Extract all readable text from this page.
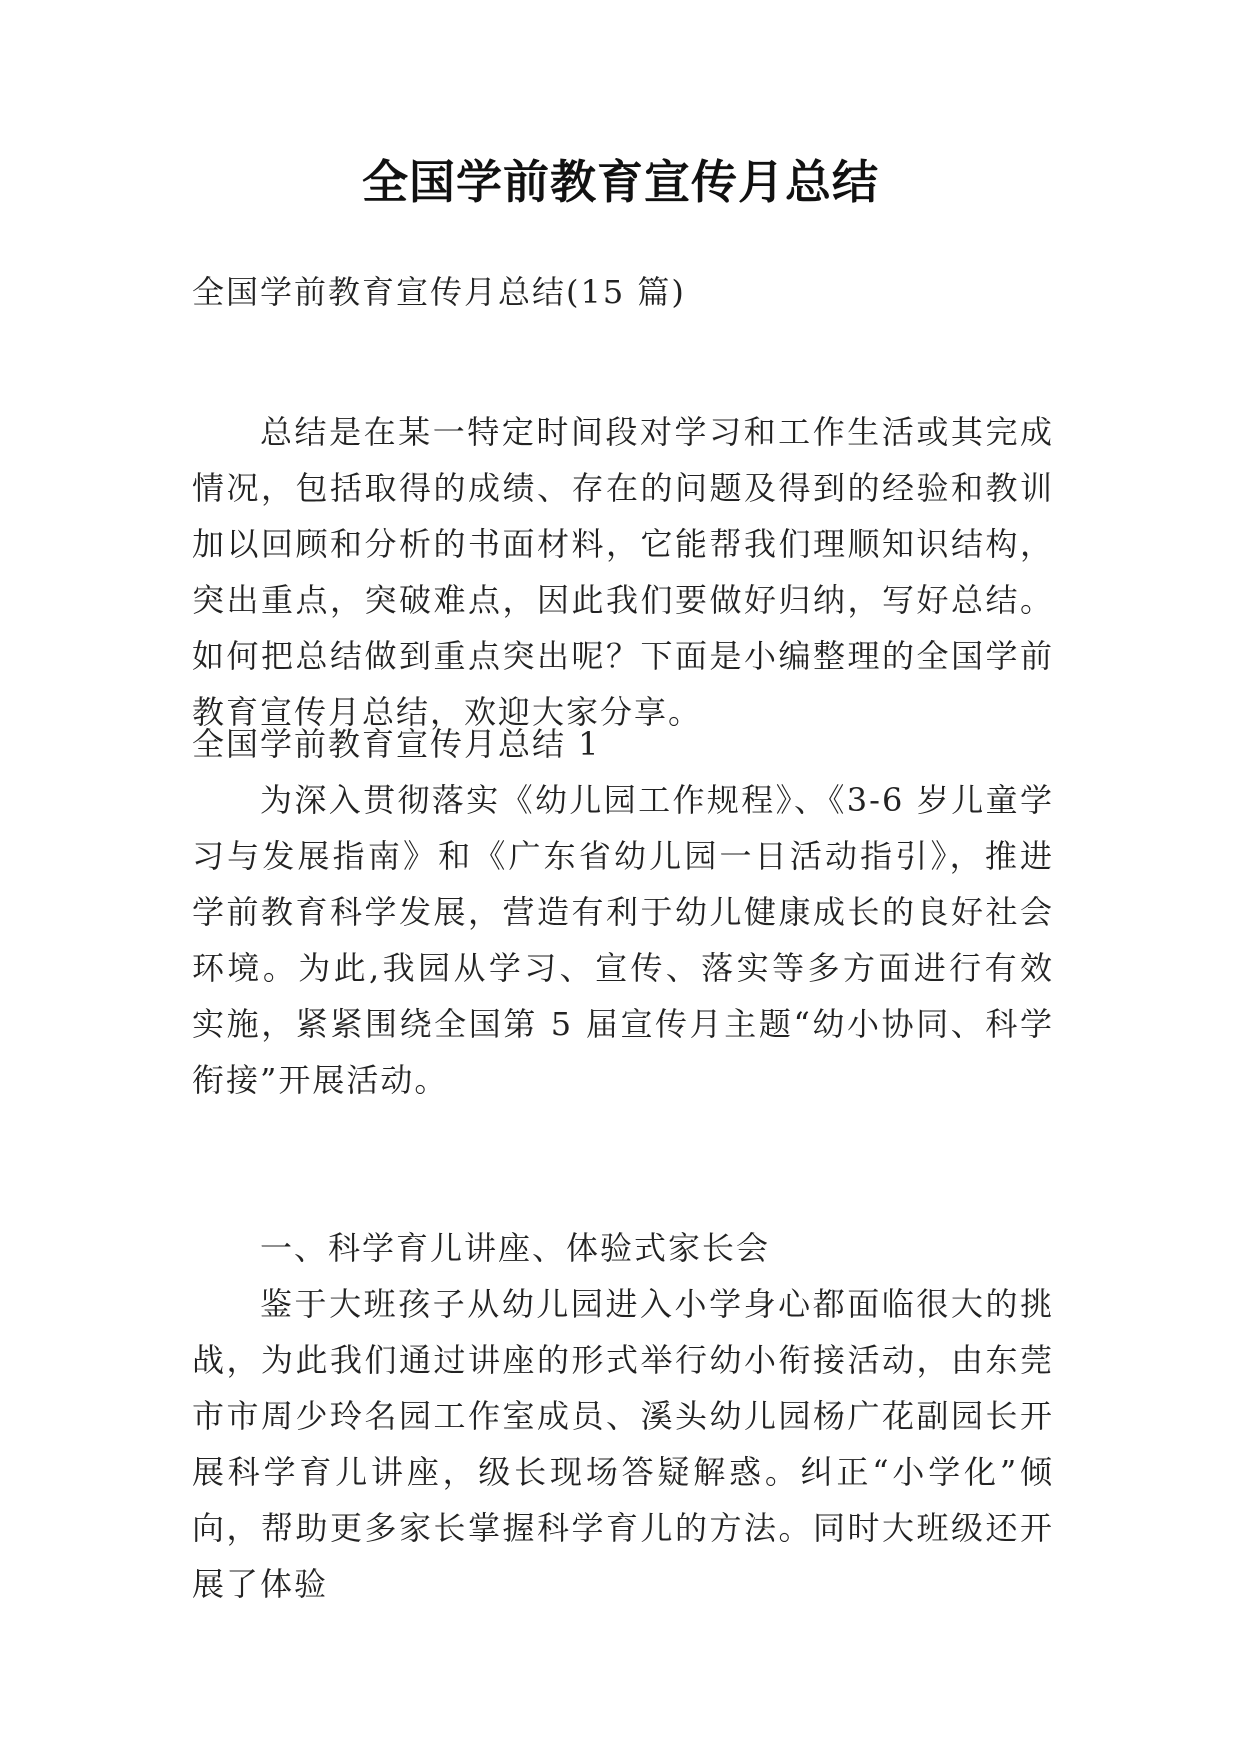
全国学前教育宣传月总结

全国学前教育宣传月总结(15 篇)

总结是在某一特定时间段对学习和工作生活或其完成情况，包括取得的成绩、存在的问题及得到的经验和教训加以回顾和分析的书面材料，它能帮我们理顺知识结构，突出重点，突破难点，因此我们要做好归纳，写好总结。如何把总结做到重点突出呢？下面是小编整理的全国学前教育宣传月总结，欢迎大家分享。

全国学前教育宣传月总结 1

为深入贯彻落实《幼儿园工作规程》、《3-6 岁儿童学习与发展指南》和《广东省幼儿园一日活动指引》，推进学前教育科学发展，营造有利于幼儿健康成长的良好社会环境。为此,我园从学习、宣传、落实等多方面进行有效实施，紧紧围绕全国第 5 届宣传月主题“幼小协同、科学衔接”开展活动。

一、科学育儿讲座、体验式家长会

鉴于大班孩子从幼儿园进入小学身心都面临很大的挑战，为此我们通过讲座的形式举行幼小衔接活动，由东莞市市周少玲名园工作室成员、溪头幼儿园杨广花副园长开展科学育儿讲座，级长现场答疑解惑。纠正“小学化”倾向，帮助更多家长掌握科学育儿的方法。同时大班级还开展了体验
